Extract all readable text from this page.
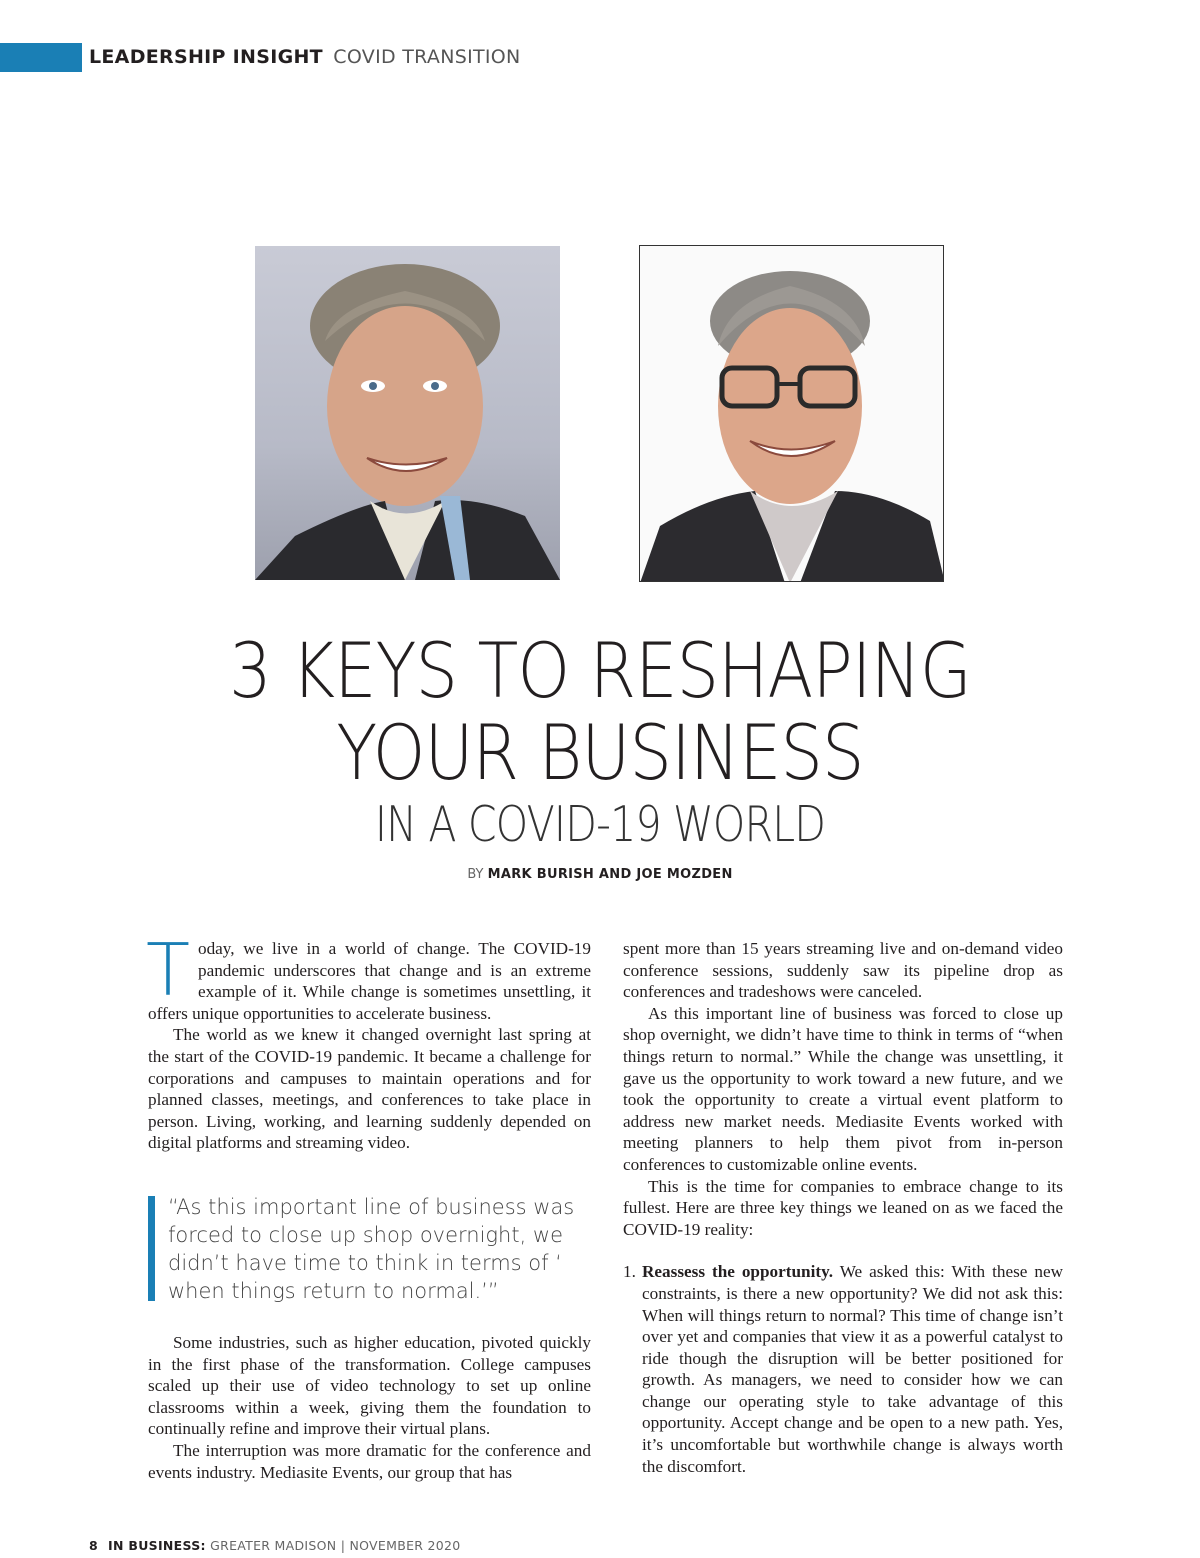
LEADERSHIP INSIGHT COVID TRANSITION
3 KEYS TO RESHAPING
YOUR BUSINESS
IN A COVID-19 WORLD
BY MARK BURISH AND JOE MOZDEN

Today, we live in a world of change. The COVID-19 pandemic underscores that change and is an extreme example of it. While change is sometimes unsettling, it offers unique opportunities to accelerate business.

The world as we knew it changed overnight last spring at the start of the COVID-19 pandemic. It became a challenge for corporations and campuses to maintain operations and for planned classes, meetings, and conferences to take place in person. Living, working, and learning suddenly depended on digital platforms and streaming video.

“As this important line of business was forced to close up shop overnight, we didn’t have time to think in terms of ‘ when things return to normal.’”

Some industries, such as higher education, pivoted quickly in the first phase of the transformation. College campuses scaled up their use of video technology to set up online classrooms within a week, giving them the foundation to continually refine and improve their virtual plans.

The interruption was more dramatic for the conference and events industry. Mediasite Events, our group that has

spent more than 15 years streaming live and on-demand video conference sessions, suddenly saw its pipeline drop as conferences and tradeshows were canceled.

As this important line of business was forced to close up shop overnight, we didn’t have time to think in terms of “when things return to normal.” While the change was unsettling, it gave us the opportunity to work toward a new future, and we took the opportunity to create a virtual event platform to address new market needs. Mediasite Events worked with meeting planners to help them pivot from in-person conferences to customizable online events.

This is the time for companies to embrace change to its fullest. Here are three key things we leaned on as we faced the COVID-19 reality:

1. Reassess the opportunity. We asked this: With these new constraints, is there a new opportunity? We did not ask this: When will things return to normal? This time of change isn’t over yet and companies that view it as a powerful catalyst to ride though the disruption will be better positioned for growth. As managers, we need to consider how we can change our operating style to take advantage of this opportunity. Accept change and be open to a new path. Yes, it’s uncomfortable but worthwhile change is always worth the discomfort.

8 IN BUSINESS: GREATER MADISON | NOVEMBER 2020
